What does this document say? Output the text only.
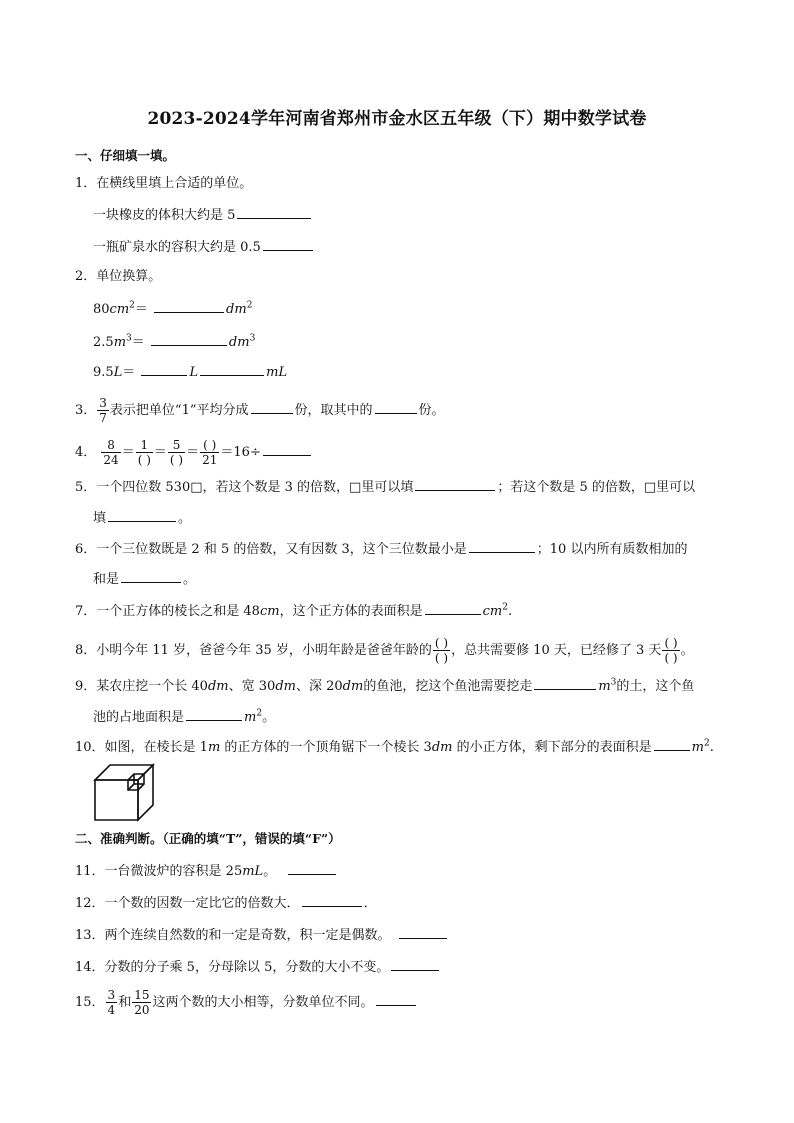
2023-2024学年河南省郑州市金水区五年级（下）期中数学试卷
一、仔细填一填。
1．在横线里填上合适的单位。
一块橡皮的体积大约是 5
一瓶矿泉水的容积大约是 0.5
2．单位换算。
$80cm^2=$	$dm^2$
$2.5m^3=$	$dm^3$
9.5L＝	L	mL
3． $\frac{3}{7}$ 表示把单位“1”平均分成	份，取其中的	份。
4． $\frac{8}{24} = \frac{1}{( )} = \frac{5}{( )} = \frac{( )}{21} =16\div$
5．一个四位数 530□，若这个数是 3 的倍数，□里可以填	；若这个数是 5 的倍数，□里可以
填	。
6．一个三位数既是 2 和 5 的倍数，又有因数 3，这个三位数最小是	；10 以内所有质数相加的
和是	。
7．一个正方体的棱长之和是 48cm，这个正方体的表面积是	$cm^2$.
8．小明今年 11 岁，爸爸今年 35 岁，小明年龄是爸爸年龄的 $\frac{( )}{( )}$ ，总共需要修 10 天，已经修了 3 天 $\frac{( )}{( )}$ 。
9．某农庄挖一个长 40dm、宽 30dm、深 20dm的鱼池，挖这个鱼池需要挖走	$m^3$的土，这个鱼
池的占地面积是	$m^2$。
10．如图，在棱长是 1m 的正方体的一个顶角锯下一个棱长 3dm 的小正方体，剩下部分的表面积是	$m^2$.
二、准确判断。（正确的填“T”，错误的填“F”）
11．一台微波炉的容积是 25mL。
12．一个数的因数一定比它的倍数大．	．
13．两个连续自然数的和一定是奇数，积一定是偶数。
14．分数的分子乘 5，分母除以 5，分数的大小不变。
15． $\frac{3}{4}$ 和 $\frac{15}{20}$ 这两个数的大小相等，分数单位不同。
